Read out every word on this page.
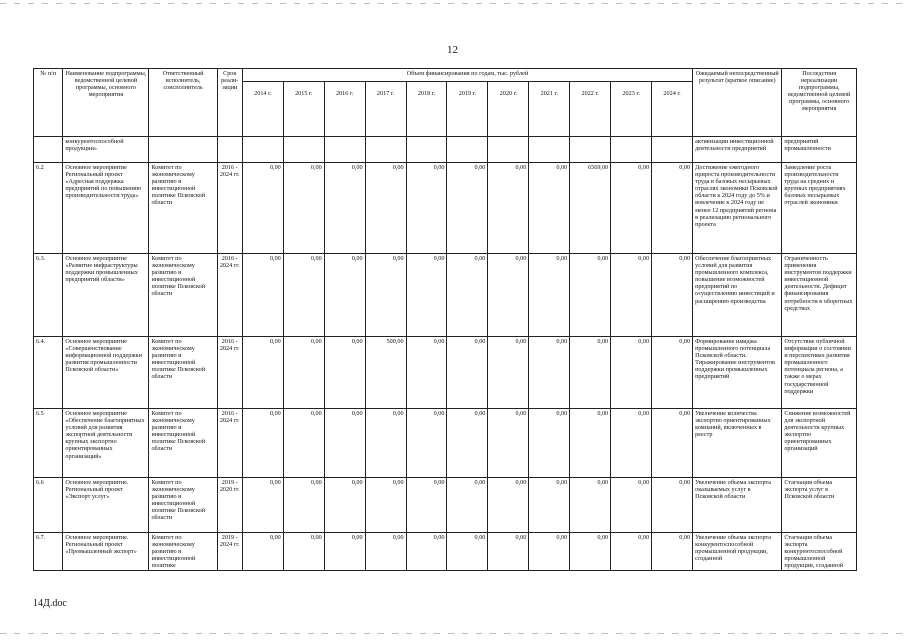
12
№ п/п	Наименование подпрограммы, ведомственной целевой программы, основного мероприятия	Ответственный исполнитель, соисполнитель	Срок реали-зации	Объем финансирования по годам, тыс. рублей											Ожидаемый непосредственный результат (краткое описание)	Последствия нереализации подпрограммы, ведомственной целевой программы, основного мероприятия
				2014 г.	2015 г.	2016 г.	2017 г.	2018 г.	2019 г.	2020 г.	2021 г.	2022 г.	2023 г.	2024 г.		
	конкурентоспособной продукции»														активизации инвестиционной деятельности предприятий	предприятий промышленности
6.2	Основное мероприятие Региональный проект «Адресная поддержка предприятий по повышению производительности труда»	Комитет по экономическому развитию и инвестиционной политике Псковской области	2016 - 2024 гг.	0,00	0,00	0,00	0,00	0,00	0,00	0,00	0,00	6569,00	0,00	0,00	Достижение ежегодного прироста производительности труда в базовых несырьевых отраслях экономики Псковской области к 2024 году до 5% и вовлечение к 2024 году не менее 12 предприятий региона в реализацию регионального проекта	Замедление роста производительности труда на средних и крупных предприятиях базовых несырьевых отраслей экономики
6.3.	Основное мероприятие «Развитие инфраструктуры поддержки промышленных предприятий области»	Комитет по экономическому развитию и инвестиционной политике Псковской области	2016 - 2024 гг.	0,00	0,00	0,00	0,00	0,00	0,00	0,00	0,00	0,00	0,00	0,00	Обеспечение благоприятных условий для развития промышленного комплекса, повышение возможностей предприятий по осуществлению инвестиций и расширению производства	Ограниченность применения инструментов поддержки инвестиционной деятельности. Дефицит финансирования потребности в оборотных средствах
6.4.	Основное мероприятие «Совершенствование информационной поддержки развития промышленности Псковской области»	Комитет по экономическому развитию и инвестиционной политике Псковской области	2016 - 2024 гг.	0,00	0,00	0,00	500,00	0,00	0,00	0,00	0,00	0,00	0,00	0,00	Формирование имиджа промышленного потенциала Псковской области. Тиражирование инструментов поддержки промышленных предприятий	Отсутствие публичной информации о состоянии и перспективах развития промышленного потенциала региона, а также о мерах государственной поддержки
6.5	Основное мероприятие «Обеспечение благоприятных условий для развития экспортной деятельности крупных экспортно ориентированных организаций»	Комитет по экономическому развитию и инвестиционной политике Псковской области	2016 - 2024 гг.	0,00	0,00	0,00	0,00	0,00	0,00	0,00	0,00	0,00	0,00	0,00	Увеличение количества экспортно ориентированных компаний, включенных в реестр	Снижение возможностей для экспортной деятельности крупных экспортно ориентированных организаций
6.6	Основное мероприятие. Региональный проект «Экспорт услуг»	Комитет по экономическому развитию и инвестиционной политике Псковской области	2019 - 2020 гг.	0,00	0,00	0,00	0,00	0,00	0,00	0,00	0,00	0,00	0,00	0,00	Увеличение объема экспорта оказываемых услуг в Псковской области	Стагнация объема экспорта услуг в Псковской области
6.7.	Основное мероприятие. Региональный проект «Промышленный экспорт»	Комитет по экономическому развитию и инвестиционной политике	2019 - 2024 гг.	0,00	0,00	0,00	0,00	0,00	0,00	0,00	0,00	0,00	0,00	0,00	Увеличение объема экспорта конкурентоспособной промышленной продукции, созданной	Стагнация объема экспорта конкурентоспособной промышленной продукции, созданной
14Д.doc
